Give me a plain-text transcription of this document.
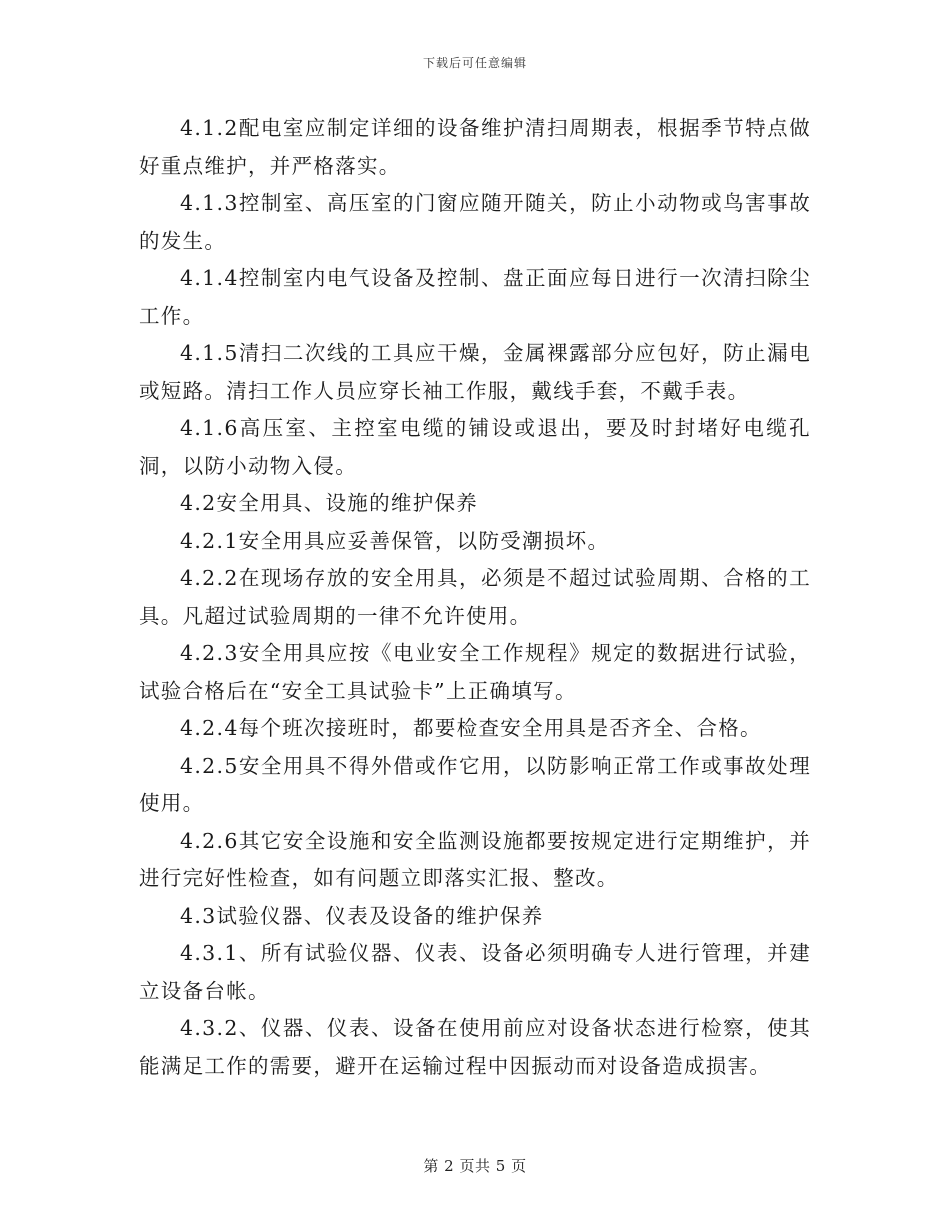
下载后可任意编辑

4.1.2配电室应制定详细的设备维护清扫周期表，根据季节特点做好重点维护，并严格落实。

4.1.3控制室、高压室的门窗应随开随关，防止小动物或鸟害事故的发生。

4.1.4控制室内电气设备及控制、盘正面应每日进行一次清扫除尘工作。

4.1.5清扫二次线的工具应干燥，金属裸露部分应包好，防止漏电或短路。清扫工作人员应穿长袖工作服，戴线手套，不戴手表。

4.1.6高压室、主控室电缆的铺设或退出，要及时封堵好电缆孔洞，以防小动物入侵。

4.2安全用具、设施的维护保养

4.2.1安全用具应妥善保管，以防受潮损坏。

4.2.2在现场存放的安全用具，必须是不超过试验周期、合格的工具。凡超过试验周期的一律不允许使用。

4.2.3安全用具应按《电业安全工作规程》规定的数据进行试验，试验合格后在“安全工具试验卡”上正确填写。

4.2.4每个班次接班时，都要检查安全用具是否齐全、合格。

4.2.5安全用具不得外借或作它用，以防影响正常工作或事故处理使用。

4.2.6其它安全设施和安全监测设施都要按规定进行定期维护，并进行完好性检查，如有问题立即落实汇报、整改。

4.3试验仪器、仪表及设备的维护保养

4.3.1、所有试验仪器、仪表、设备必须明确专人进行管理，并建立设备台帐。

4.3.2、仪器、仪表、设备在使用前应对设备状态进行检察，使其能满足工作的需要，避开在运输过程中因振动而对设备造成损害。

第 2 页共 5 页
